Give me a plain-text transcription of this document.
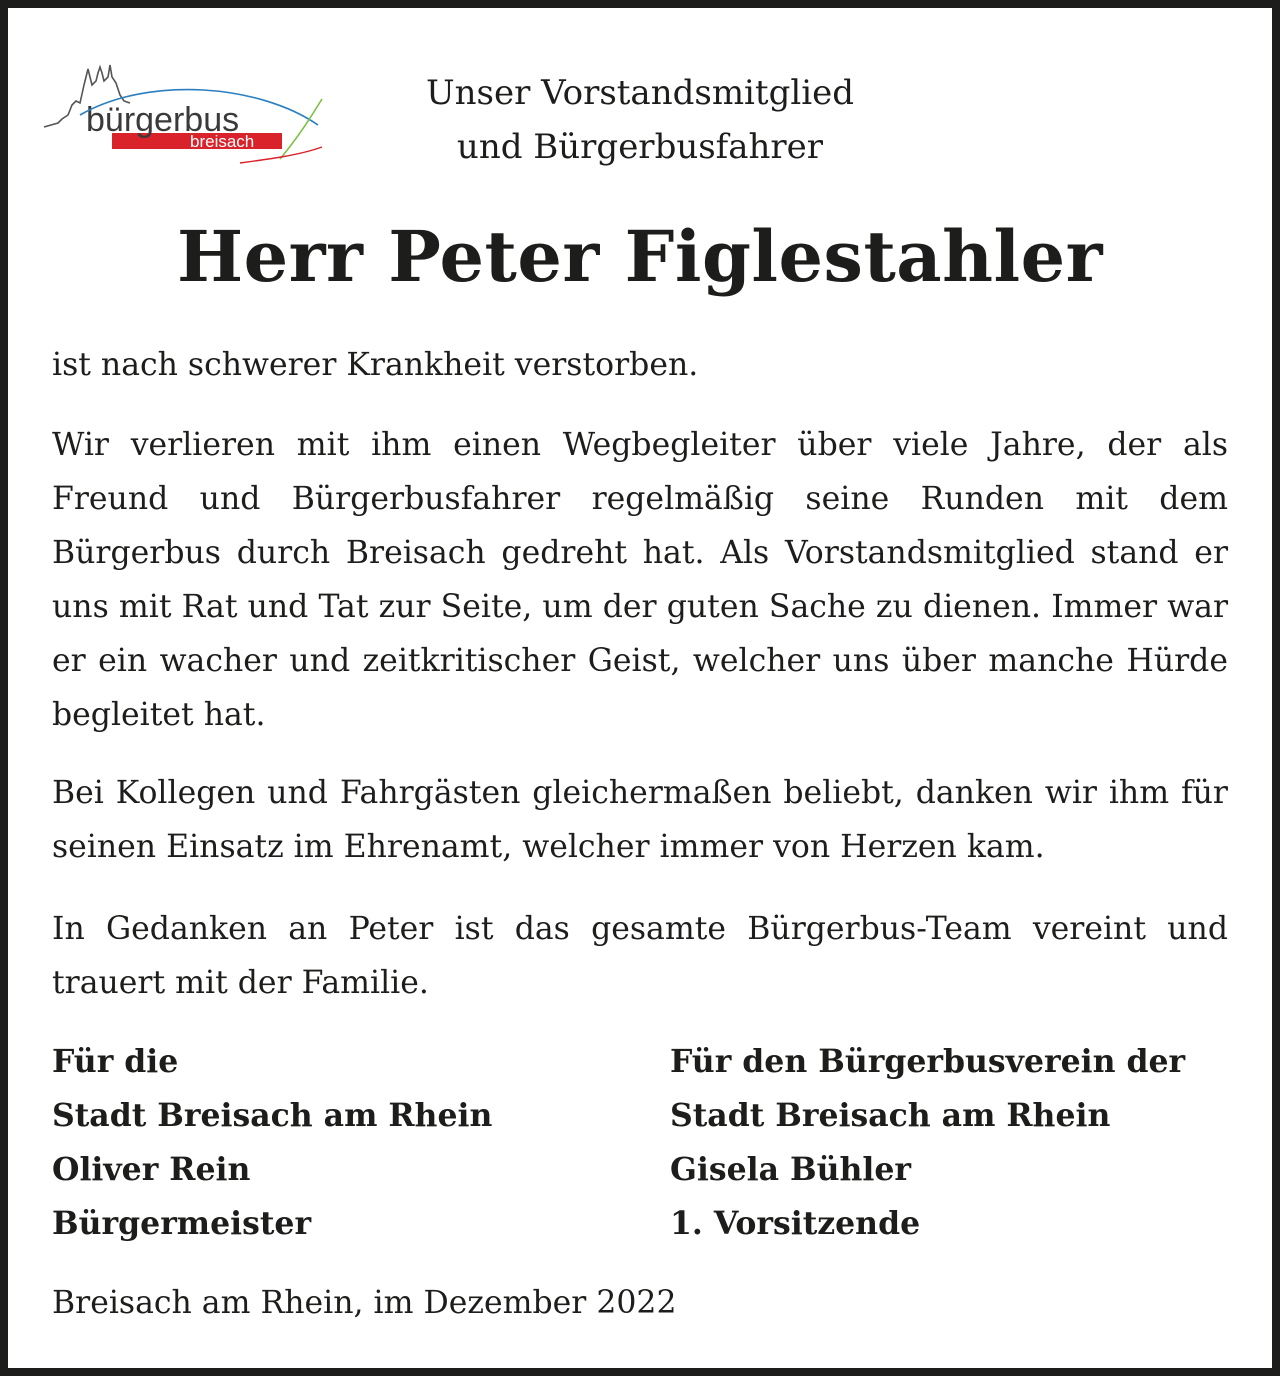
bürgerbus
breisach
Unser Vorstandsmitglied
und Bürgerbusfahrer
Herr Peter Figlestahler
ist nach schwerer Krankheit verstorben.
Wir verlieren mit ihm einen Wegbegleiter über viele Jahre, der als Freund und Bürgerbusfahrer regelmäßig seine Runden mit dem Bürgerbus durch Breisach gedreht hat. Als Vorstandsmitglied stand er uns mit Rat und Tat zur Seite, um der guten Sache zu dienen. Immer war er ein wacher und zeitkritischer Geist, welcher uns über manche Hürde begleitet hat.
Bei Kollegen und Fahrgästen gleichermaßen beliebt, danken wir ihm für seinen Einsatz im Ehrenamt, welcher immer von Herzen kam.
In Gedanken an Peter ist das gesamte Bürgerbus-Team vereint und trauert mit der Familie.
Für die
Stadt Breisach am Rhein
Oliver Rein
Bürgermeister
Für den Bürgerbusverein der
Stadt Breisach am Rhein
Gisela Bühler
1. Vorsitzende
Breisach am Rhein, im Dezember 2022
